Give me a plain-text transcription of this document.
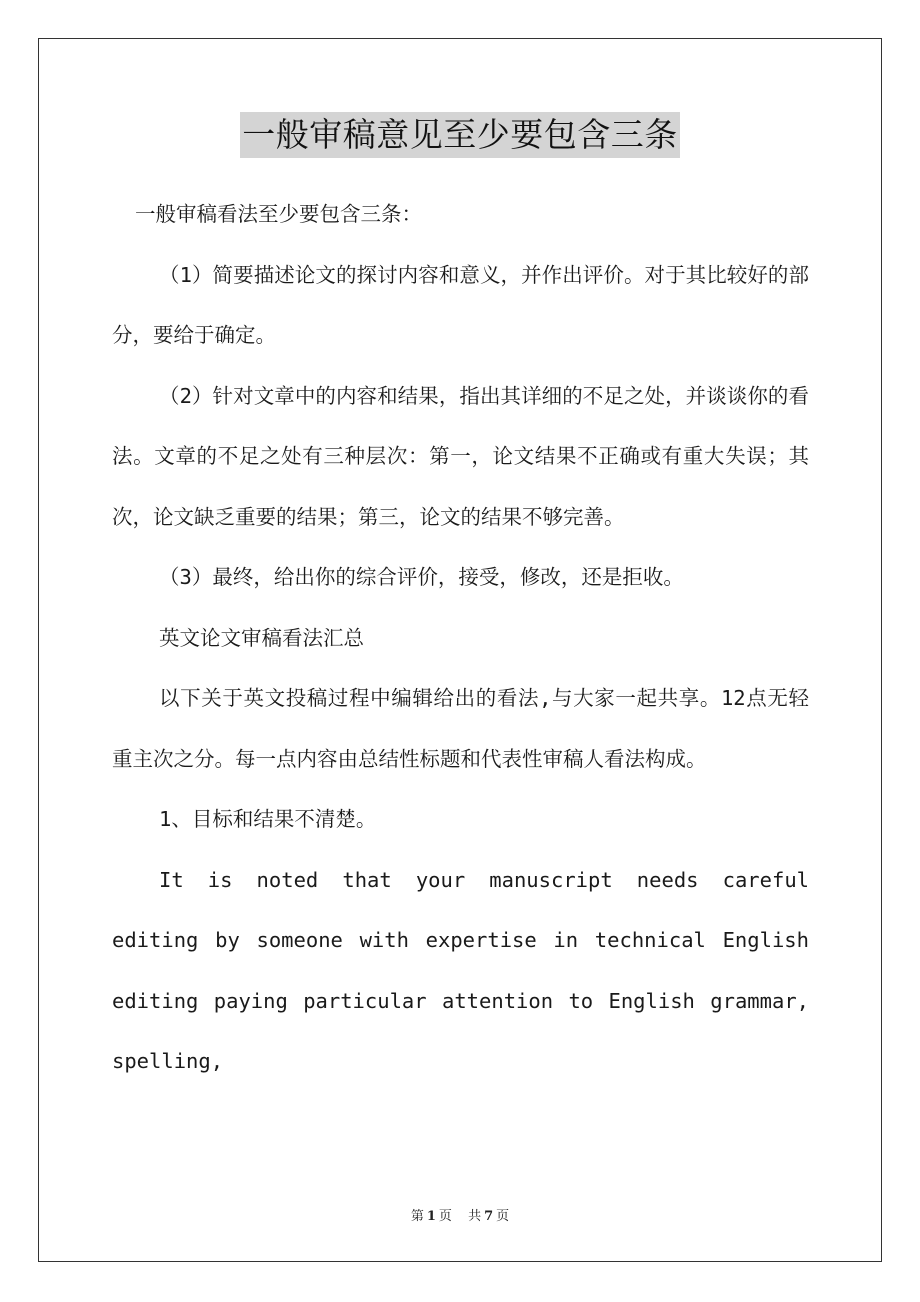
一般审稿意见至少要包含三条

一般审稿看法至少要包含三条：

（1）简要描述论文的探讨内容和意义，并作出评价。对于其比较好的部分，要给于确定。

（2）针对文章中的内容和结果，指出其详细的不足之处，并谈谈你的看法。文章的不足之处有三种层次：第一，论文结果不正确或有重大失误；其次，论文缺乏重要的结果；第三，论文的结果不够完善。

（3）最终，给出你的综合评价，接受，修改，还是拒收。

英文论文审稿看法汇总

以下关于英文投稿过程中编辑给出的看法,与大家一起共享。12点无轻重主次之分。每一点内容由总结性标题和代表性审稿人看法构成。

1、目标和结果不清楚。

It is noted that your manuscript needs careful editing by someone with expertise in technical English editing paying particular attention to English grammar, spelling,

第 1 页 共 7 页
